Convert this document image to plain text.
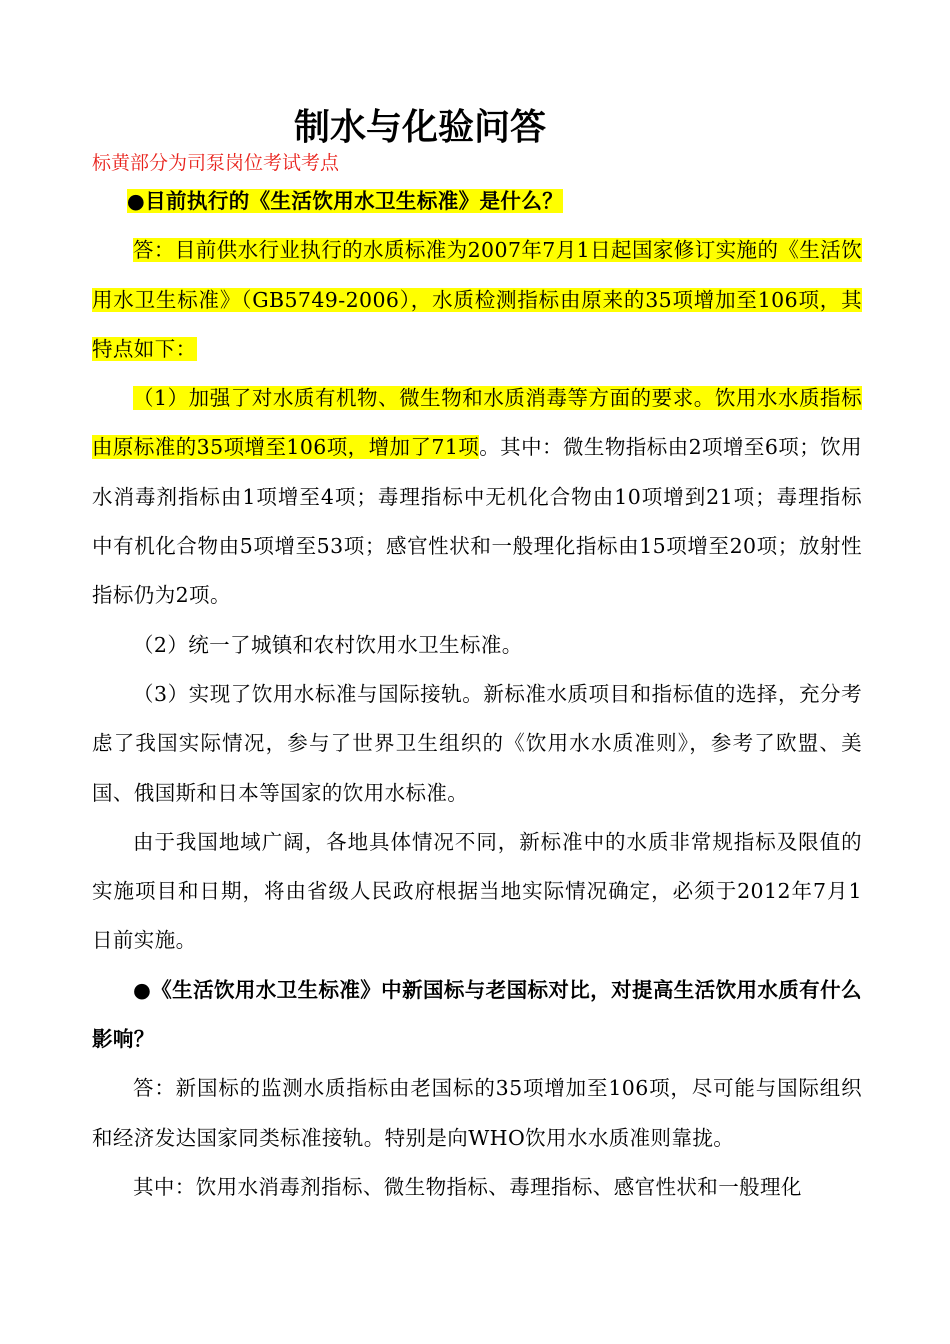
制水与化验问答
标黄部分为司泵岗位考试考点

●目前执行的《生活饮用水卫生标准》是什么？

答：目前供水行业执行的水质标准为2007年7月1日起国家修订实施的《生活饮用水卫生标准》（GB5749-2006），水质检测指标由原来的35项增加至106项，其特点如下：

（1）加强了对水质有机物、微生物和水质消毒等方面的要求。饮用水水质指标由原标准的35项增至106项，增加了71项。其中：微生物指标由2项增至6项；饮用水消毒剂指标由1项增至4项；毒理指标中无机化合物由10项增到21项；毒理指标中有机化合物由5项增至53项；感官性状和一般理化指标由15项增至20项；放射性指标仍为2项。

（2）统一了城镇和农村饮用水卫生标准。

（3）实现了饮用水标准与国际接轨。新标准水质项目和指标值的选择，充分考虑了我国实际情况，参与了世界卫生组织的《饮用水水质准则》，参考了欧盟、美国、俄国斯和日本等国家的饮用水标准。

由于我国地域广阔，各地具体情况不同，新标准中的水质非常规指标及限值的实施项目和日期，将由省级人民政府根据当地实际情况确定，必须于2012年7月1日前实施。

●《生活饮用水卫生标准》中新国标与老国标对比，对提高生活饮用水质有什么影响？

答：新国标的监测水质指标由老国标的35项增加至106项，尽可能与国际组织和经济发达国家同类标准接轨。特别是向WHO饮用水水质准则靠拢。

其中：饮用水消毒剂指标、微生物指标、毒理指标、感官性状和一般理化
